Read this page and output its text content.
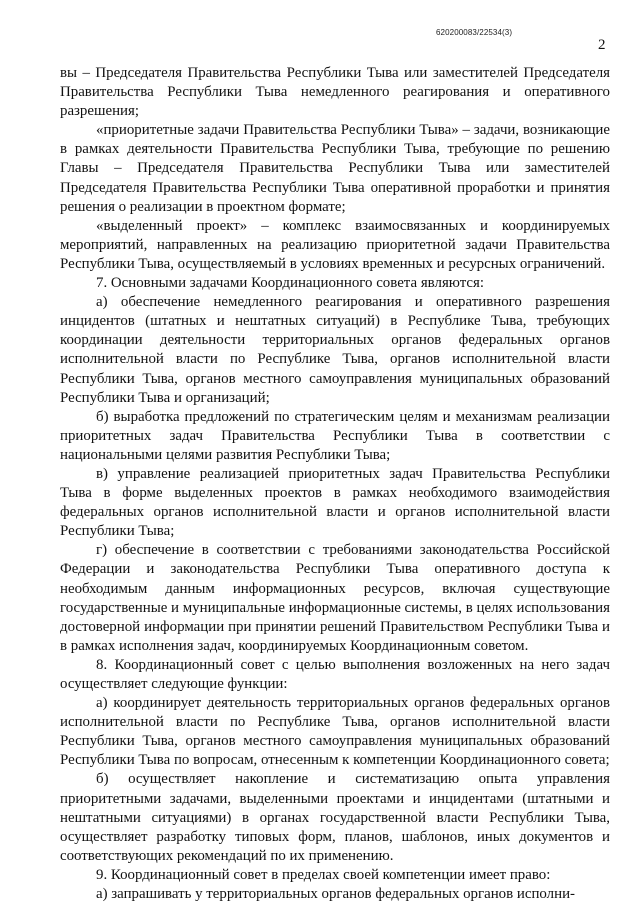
620200083/22534(3)
2

вы – Председателя Правительства Республики Тыва или заместителей Председателя Правительства Республики Тыва немедленного реагирования и оперативного разрешения;

«приоритетные задачи Правительства Республики Тыва» – задачи, возникающие в рамках деятельности Правительства Республики Тыва, требующие по решению Главы – Председателя Правительства Республики Тыва или заместителей Председателя Правительства Республики Тыва оперативной проработки и принятия решения о реализации в проектном формате;

«выделенный проект» – комплекс взаимосвязанных и координируемых мероприятий, направленных на реализацию приоритетной задачи Правительства Республики Тыва, осуществляемый в условиях временных и ресурсных ограничений.

7. Основными задачами Координационного совета являются:

а) обеспечение немедленного реагирования и оперативного разрешения инцидентов (штатных и нештатных ситуаций) в Республике Тыва, требующих координации деятельности территориальных органов федеральных органов исполнительной власти по Республике Тыва, органов исполнительной власти Республики Тыва, органов местного самоуправления муниципальных образований Республики Тыва и организаций;

б) выработка предложений по стратегическим целям и механизмам реализации приоритетных задач Правительства Республики Тыва в соответствии с национальными целями развития Республики Тыва;

в) управление реализацией приоритетных задач Правительства Республики Тыва в форме выделенных проектов в рамках необходимого взаимодействия федеральных органов исполнительной власти и органов исполнительной власти Республики Тыва;

г) обеспечение в соответствии с требованиями законодательства Российской Федерации и законодательства Республики Тыва оперативного доступа к необходимым данным информационных ресурсов, включая существующие государственные и муниципальные информационные системы, в целях использования достоверной информации при принятии решений Правительством Республики Тыва и в рамках исполнения задач, координируемых Координационным советом.

8. Координационный совет с целью выполнения возложенных на него задач осуществляет следующие функции:

а) координирует деятельность территориальных органов федеральных органов исполнительной власти по Республике Тыва, органов исполнительной власти Республики Тыва, органов местного самоуправления муниципальных образований Республики Тыва по вопросам, отнесенным к компетенции Координационного совета;

б) осуществляет накопление и систематизацию опыта управления приоритетными задачами, выделенными проектами и инцидентами (штатными и нештатными ситуациями) в органах государственной власти Республики Тыва, осуществляет разработку типовых форм, планов, шаблонов, иных документов и соответствующих рекомендаций по их применению.

9. Координационный совет в пределах своей компетенции имеет право:

а) запрашивать у территориальных органов федеральных органов исполни-
